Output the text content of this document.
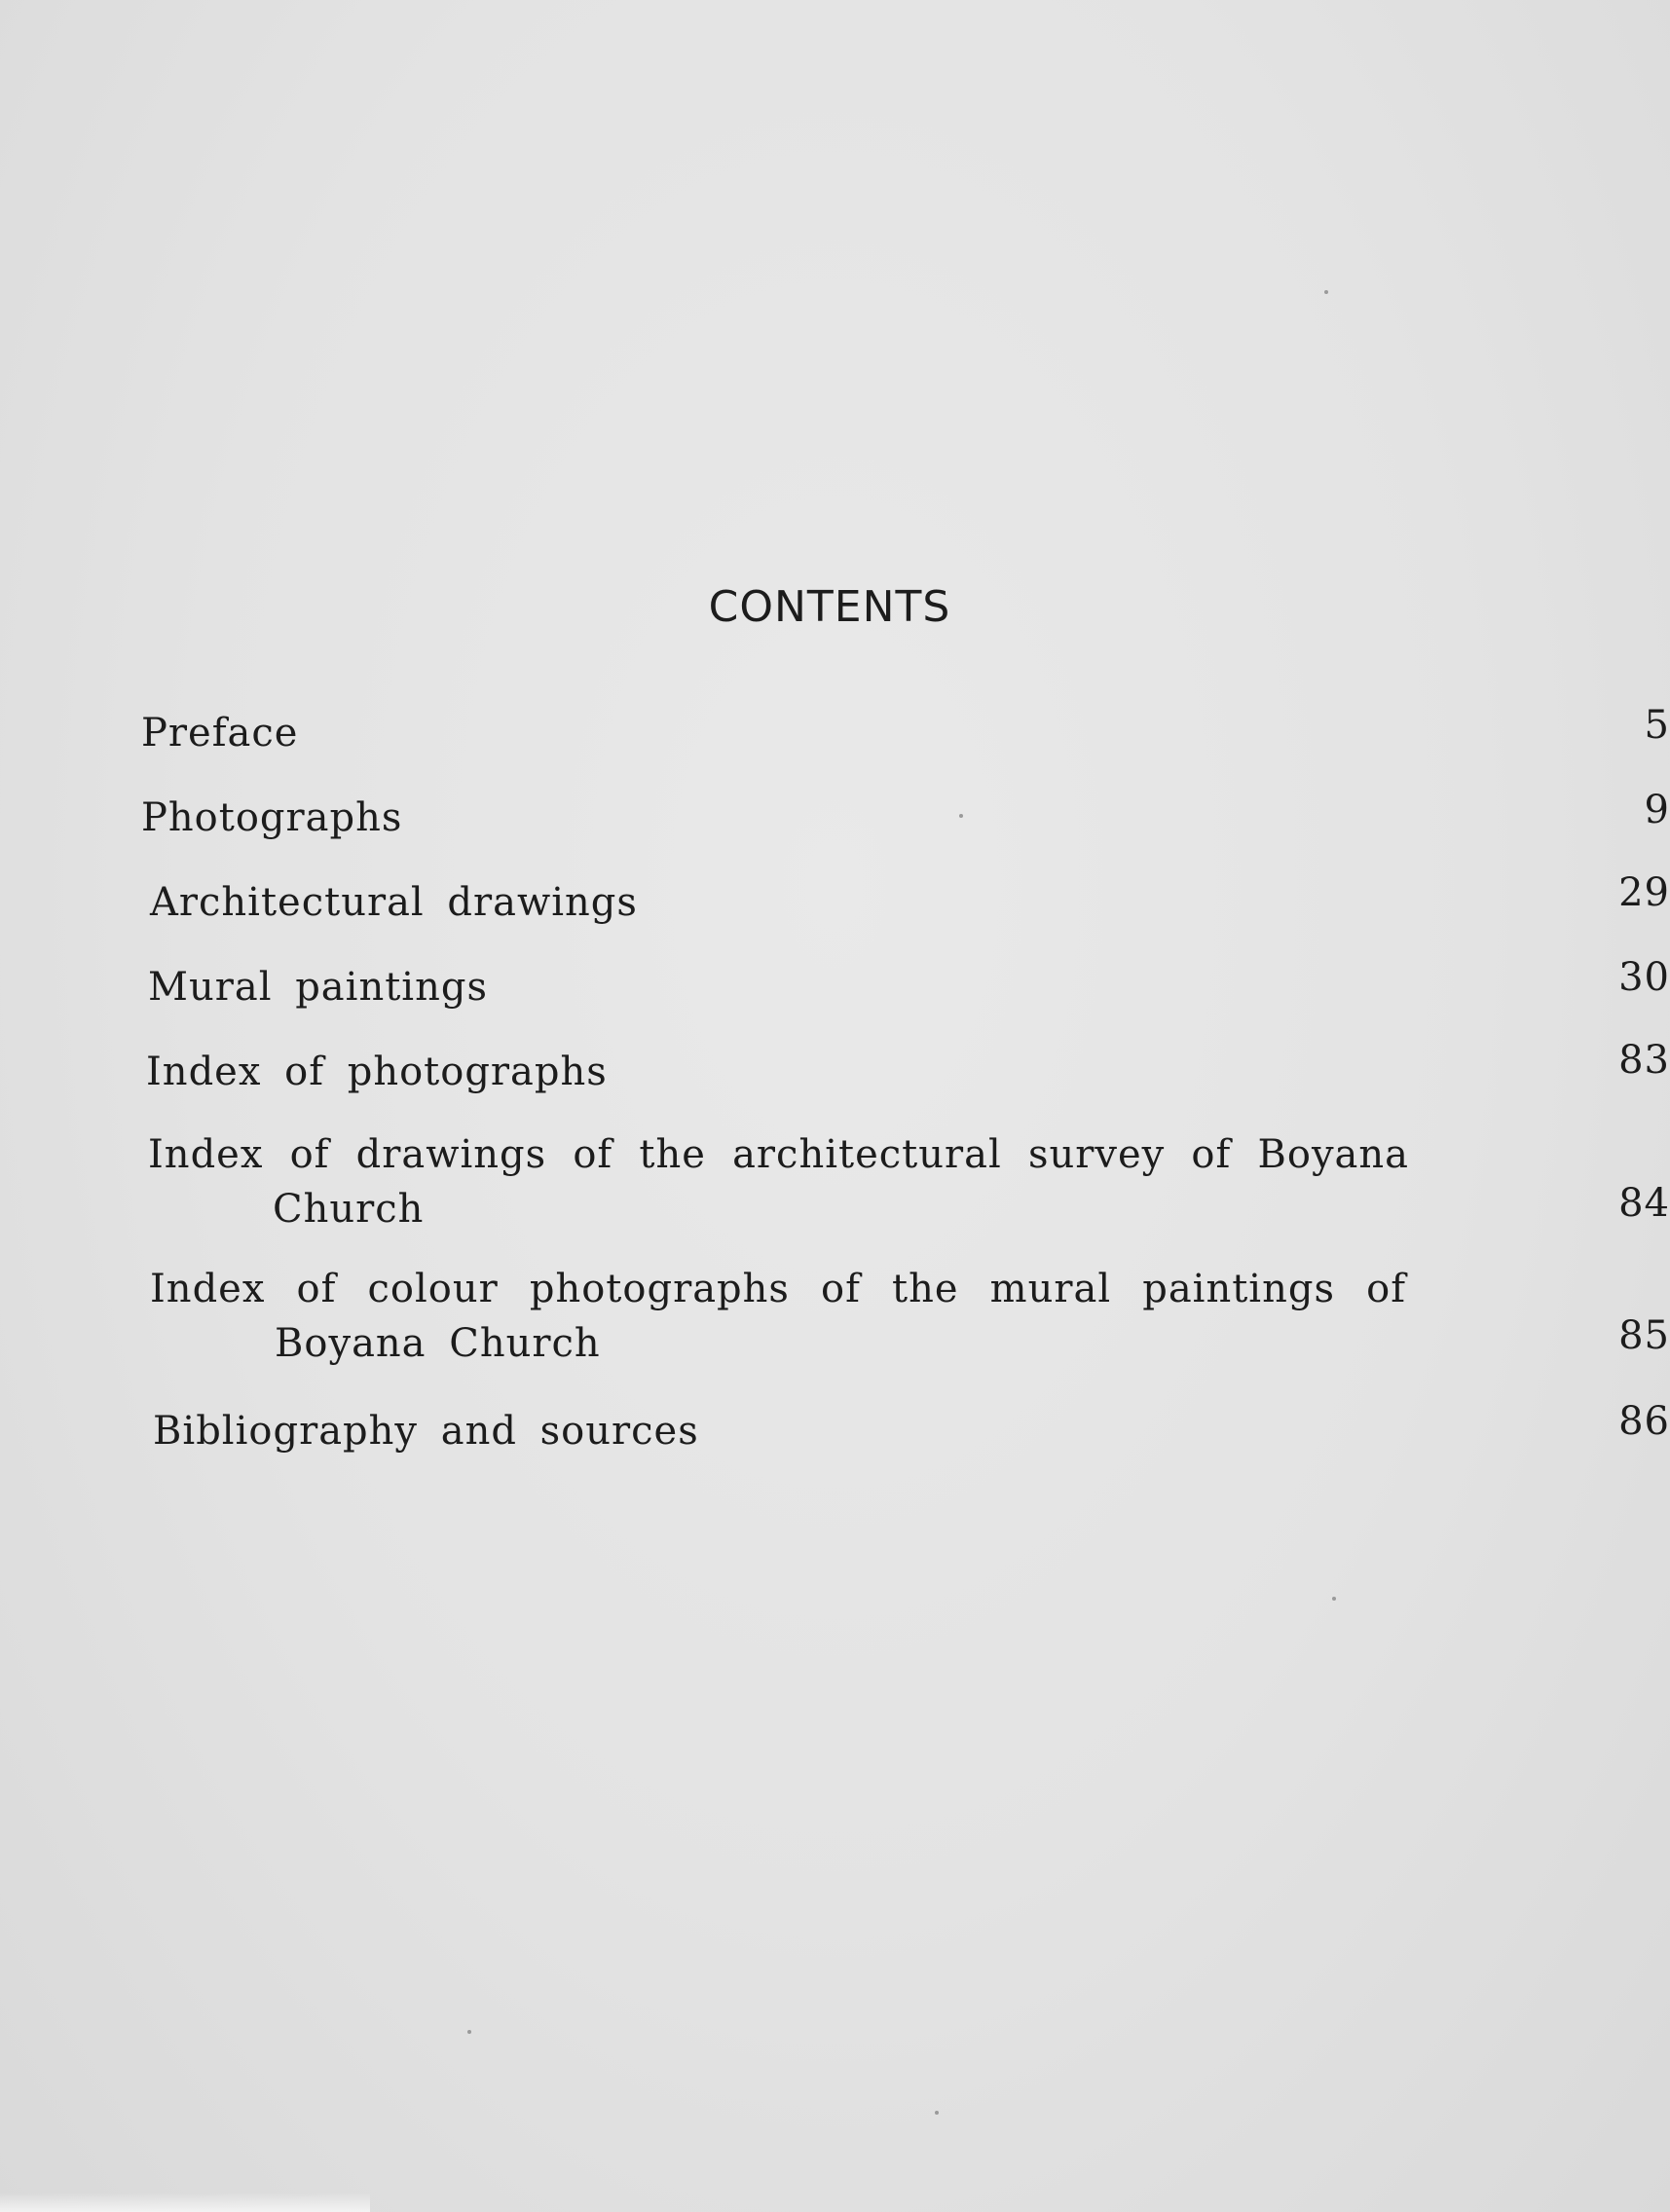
CONTENTS
Preface	5
Photographs	9
Architectural drawings	29
Mural paintings	30
Index of photographs	83
Index of drawings of the architectural survey of Boyana
Church	84
Index of colour photographs of the mural paintings of
Boyana Church	85
Bibliography and sources	86
